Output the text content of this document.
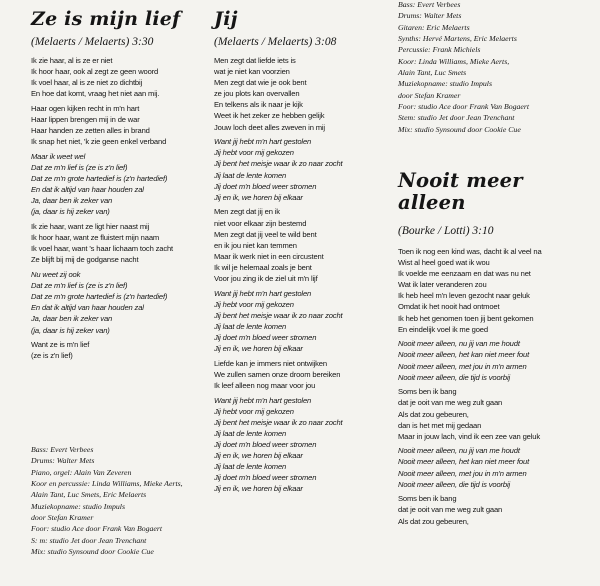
Ze is mijn lief
(Melaerts / Melaerts) 3:30
Ik zie haar, al is ze er niet
Ik hoor haar, ook al zegt ze geen woord
Ik voel haar, al is ze niet zo dichtbij
En hoe dat komt, vraag het niet aan mij.
Haar ogen kijken recht in m'n hart
Haar lippen brengen mij in de war
Haar handen ze zetten alles in brand
Ik snap het niet, 'k zie geen enkel verband
Maar ik weet wel
Dat ze m'n lief is (ze is z'n lief)
Dat ze m'n grote hartedief is (z'n hartedief)
En dat ik altijd van haar houden zal
Ja, daar ben ik zeker van
(ja, daar is hij zeker van)
Ik zie haar, want ze ligt hier naast mij
Ik hoor haar, want ze fluistert mijn naam
Ik voel haar, want 's haar lichaam toch zacht
Ze blijft bij mij de godganse nacht
Nu weet zij ook
Dat ze m'n lief is (ze is z'n lief)
Dat ze m'n grote hartedief is (z'n hartedief)
En dat ik altijd van haar houden zal
Ja, daar ben ik zeker van
(ja, daar is hij zeker van)
Want ze is m'n lief
(ze is z'n lief)
Bass: Evert Verbees
Drums: Walter Mets
Piano, orgel: Alain Van Zeveren
Koor en percussie: Linda Williams, Mieke Aerts,
Alain Tant, Luc Smets, Eric Melaerts
Muziekopname: studio Impuls
door Stefan Kramer
Foor: studio Ace door Frank Van Bogaert
S: m: studio Jet door Jean Trenchant
Mix: studio Synsound door Cookie Cue
Jij
(Melaerts / Melaerts) 3:08
Men zegt dat liefde iets is
wat je niet kan voorzien
Men zegt dat wie je ook bent
ze jou plots kan overvallen
En telkens als ik naar je kijk
Weet ik het zeker ze hebben gelijk
Jouw loch deet alles zweven in mij
Want jij hebt m'n hart gestolen
Jij hebt voor mij gekozen
Jij bent het meisje waar ik zo naar zocht
Jij laat de lente komen
Jij doet m'n bloed weer stromen
Jij en ik, we horen bij elkaar
Men zegt dat jij en ik
niet voor elkaar zijn bestemd
Men zegt dat jij veel te wild bent
en ik jou niet kan temmen
Maar ik werk niet in een circustent
Ik wil je helemaal zoals je bent
Voor jou zing ik de ziel uit m'n lijf
Want jij hebt m'n hart gestolen
Jij hebt voor mij gekozen
Jij bent het meisje waar ik zo naar zocht
Jij laat de lente komen
Jij doet m'n bloed weer stromen
Jij en ik, we horen bij elkaar
Liefde kan je immers niet ontwijken
We zullen samen onze droom bereiken
Ik leef alleen nog maar voor jou
Want jij hebt m'n hart gestolen
Jij hebt voor mij gekozen
Jij bent het meisje waar ik zo naar zocht
Jij laat de lente komen
Jij doet m'n bloed weer stromen
Jij en ik, we horen bij elkaar
Jij laat de lente komen
Jij doet m'n bloed weer stromen
Jij en ik, we horen bij elkaar
Bass: Evert Verbees
Drums: Walter Mets
Gitaren: Eric Melaerts
Synths: Hervé Martens, Eric Melaerts
Percussie: Frank Michiels
Koor: Linda Williams, Mieke Aerts,
Alain Tant, Luc Smets
Muziekopname: studio Impuls
door Stefan Kramer
Foor: studio Ace door Frank Van Bogaert
Stem: studio Jet door Jean Trenchant
Mix: studio Synsound door Cookie Cue
Nooit meer
alleen
(Bourke / Lotti) 3:10
Toen ik nog een kind was, dacht ik al veel na
Wist al heel goed wat ik wou
Ik voelde me eenzaam en dat was nu net
Wat ik later veranderen zou
Ik heb heel m'n leven gezocht naar geluk
Omdat ik het nooit had ontmoet
Ik heb het genomen toen jij bent gekomen
En eindelijk voel ik me goed
Nooit meer alleen, nu jij van me houdt
Nooit meer alleen, het kan niet meer fout
Nooit meer alleen, met jou in m'n armen
Nooit meer alleen, die tijd is voorbij
Soms ben ik bang
dat je ooit van me weg zult gaan
Als dat zou gebeuren,
dan is het met mij gedaan
Maar in jouw lach, vind ik een zee van geluk
Nooit meer alleen, nu jij van me houdt
Nooit meer alleen, het kan niet meer fout
Nooit meer alleen, met jou in m'n armen
Nooit meer alleen, die tijd is voorbij
Soms ben ik bang
dat je ooit van me weg zult gaan
Als dat zou gebeuren,
